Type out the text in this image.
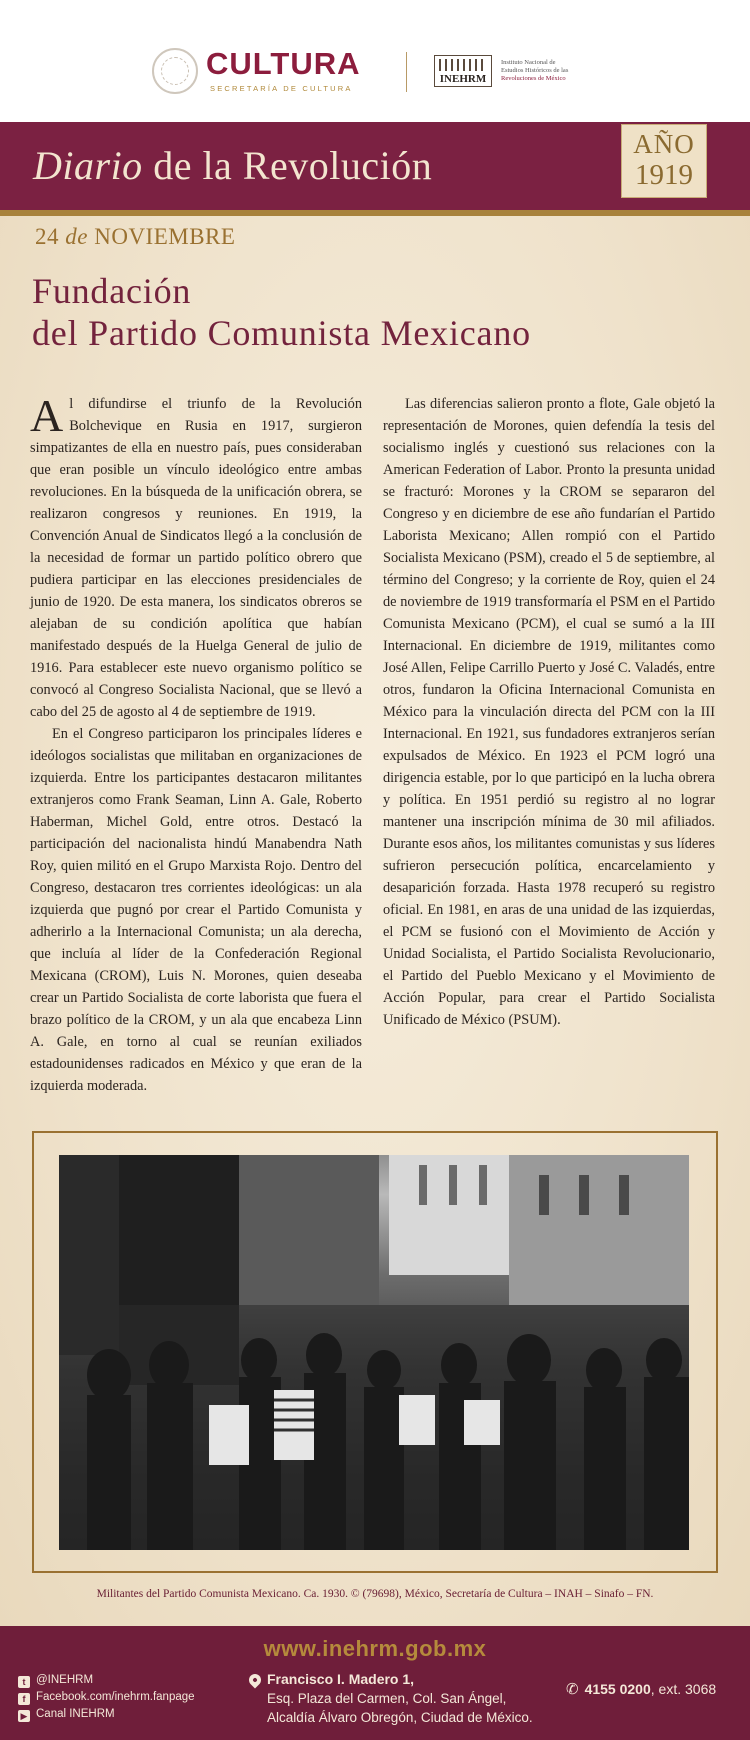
CULTURA
SECRETARÍA DE CULTURA
INEHRM

Instituto Nacional de
Estudios Históricos de las
Revoluciones de México
Diario de la Revolución	AÑO
1919
24 de NOVIEMBRE
Fundación
del Partido Comunista Mexicano

Al difundirse el triunfo de la Revolución Bolchevique en Rusia en 1917, surgieron simpatizantes de ella en nuestro país, pues consideraban que eran posible un vínculo ideológico entre ambas revoluciones. En la búsqueda de la unificación obrera, se realizaron congresos y reuniones. En 1919, la Convención Anual de Sindicatos llegó a la conclusión de la necesidad de formar un partido político obrero que pudiera participar en las elecciones presidenciales de junio de 1920. De esta manera, los sindicatos obreros se alejaban de su condición apolítica que habían manifestado después de la Huelga General de julio de 1916. Para establecer este nuevo organismo político se convocó al Congreso Socialista Nacional, que se llevó a cabo del 25 de agosto al 4 de septiembre de 1919.

En el Congreso participaron los principales líderes e ideólogos socialistas que militaban en organizaciones de izquierda. Entre los participantes destacaron militantes extranjeros como Frank Seaman, Linn A. Gale, Roberto Haberman, Michel Gold, entre otros. Destacó la participación del nacionalista hindú Manabendra Nath Roy, quien militó en el Grupo Marxista Rojo. Dentro del Congreso, destacaron tres corrientes ideológicas: un ala izquierda que pugnó por crear el Partido Comunista y adherirlo a la Internacional Comunista; un ala derecha, que incluía al líder de la Confederación Regional Mexicana (CROM), Luis N. Morones, quien deseaba crear un Partido Socialista de corte laborista que fuera el brazo político de la CROM, y un ala que encabeza Linn A. Gale, en torno al cual se reunían exiliados estadounidenses radicados en México y que eran de la izquierda moderada.

Las diferencias salieron pronto a flote, Gale objetó la representación de Morones, quien defendía la tesis del socialismo inglés y cuestionó sus relaciones con la American Federation of Labor. Pronto la presunta unidad se fracturó: Morones y la CROM se separaron del Congreso y en diciembre de ese año fundarían el Partido Laborista Mexicano; Allen rompió con el Partido Socialista Mexicano (PSM), creado el 5 de septiembre, al término del Congreso; y la corriente de Roy, quien el 24 de noviembre de 1919 transformaría el PSM en el Partido Comunista Mexicano (PCM), el cual se sumó a la III Internacional. En diciembre de 1919, militantes como José Allen, Felipe Carrillo Puerto y José C. Valadés, entre otros, fundaron la Oficina Internacional Comunista en México para la vinculación directa del PCM con la III Internacional. En 1921, sus fundadores extranjeros serían expulsados de México. En 1923 el PCM logró una dirigencia estable, por lo que participó en la lucha obrera y política. En 1951 perdió su registro al no lograr mantener una inscripción mínima de 30 mil afiliados. Durante esos años, los militantes comunistas y sus líderes sufrieron persecución política, encarcelamiento y desaparición forzada. Hasta 1978 recuperó su registro oficial. En 1981, en aras de una unidad de las izquierdas, el PCM se fusionó con el Movimiento de Acción y Unidad Socialista, el Partido Socialista Revolucionario, el Partido del Pueblo Mexicano y el Movimiento de Acción Popular, para crear el Partido Socialista Unificado de México (PSUM).

Militantes del Partido Comunista Mexicano. Ca. 1930. © (79698), México, Secretaría de Cultura – INAH – Sinafo – FN.
www.inehrm.gob.mx
t @INEHRM
f Facebook.com/inehrm.fanpage
▶ Canal INEHRM
Francisco I. Madero 1,
Esq. Plaza del Carmen, Col. San Ángel,
Alcaldía Álvaro Obregón, Ciudad de México.
✆ 4155 0200, ext. 3068
